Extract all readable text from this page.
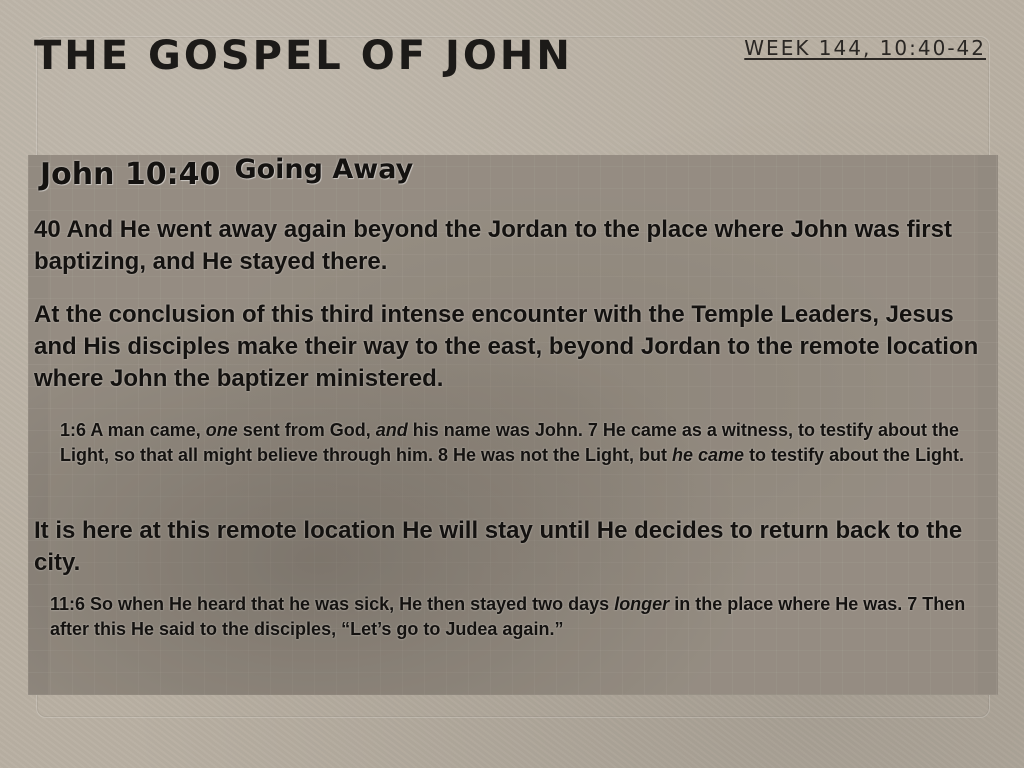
THE GOSPEL OF JOHN	WEEK 144, 10:40-42
John 10:40 Going Away

40 And He went away again beyond the Jordan to the place where John was first baptizing, and He stayed there.

At the conclusion of this third intense encounter with the Temple Leaders, Jesus and His disciples make their way to the east, beyond Jordan to the remote location where John the baptizer ministered.

1:6 A man came, one sent from God, and his name was John. 7 He came as a witness, to testify about the Light, so that all might believe through him. 8 He was not the Light, but he came to testify about the Light.

It is here at this remote location He will stay until He decides to return back to the city.

11:6 So when He heard that he was sick, He then stayed two days longer in the place where He was. 7 Then after this He said to the disciples, “Let’s go to Judea again.”
